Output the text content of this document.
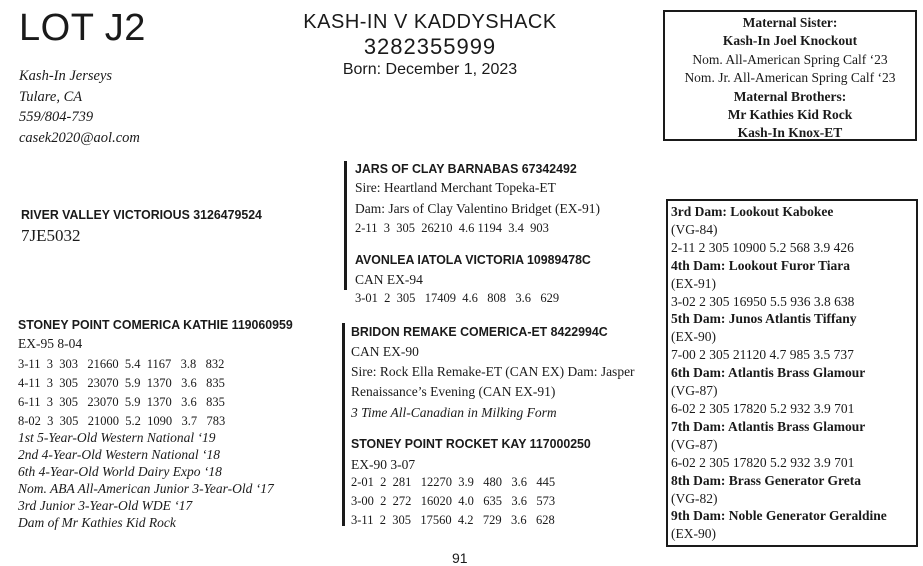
LOT J2
Kash-In Jerseys
Tulare, CA
559/804-739
casek2020@aol.com
KASH-IN V KADDYSHACK
3282355999
Born: December 1, 2023
Maternal Sister:
Kash-In Joel Knockout
Nom. All-American Spring Calf ‘23
Nom. Jr. All-American Spring Calf ‘23
Maternal Brothers:
Mr Kathies Kid Rock
Kash-In Knox-ET
RIVER VALLEY VICTORIOUS 3126479524
7JE5032
JARS OF CLAY BARNABAS 67342492
Sire: Heartland Merchant Topeka-ET
Dam: Jars of Clay Valentino Bridget (EX-91)
2-11  3  305  26210  4.6 1194  3.4  903
AVONLEA IATOLA VICTORIA 10989478C
CAN EX-94
3-01  2  305   17409  4.6   808   3.6   629
STONEY POINT COMERICA KATHIE 119060959
EX-95 8-04
3-11  3  303   21660  5.4  1167   3.8   832
4-11  3  305   23070  5.9  1370   3.6   835
6-11  3  305   23070  5.9  1370   3.6   835
8-02  3  305   21000  5.2  1090   3.7   783
1st 5-Year-Old Western National ‘19
2nd 4-Year-Old Western National ‘18
6th 4-Year-Old World Dairy Expo ‘18
Nom. ABA All-American Junior 3-Year-Old ‘17
3rd Junior 3-Year-Old WDE ‘17
Dam of Mr Kathies Kid Rock
BRIDON REMAKE COMERICA-ET 8422994C
CAN EX-90
Sire: Rock Ella Remake-ET (CAN EX) Dam: Jasper
Renaissance’s Evening (CAN EX-91)
3 Time All-Canadian in Milking Form
STONEY POINT ROCKET KAY 117000250
EX-90 3-07
2-01  2  281   12270  3.9   480   3.6   445
3-00  2  272   16020  4.0   635   3.6   573
3-11  2  305   17560  4.2   729   3.6   628
3rd Dam: Lookout Kabokee
(VG-84)
2-11 2 305 10900 5.2 568 3.9 426
4th Dam: Lookout Furor Tiara
(EX-91)
3-02 2 305 16950 5.5 936 3.8 638
5th Dam: Junos Atlantis Tiffany
(EX-90)
7-00 2 305 21120 4.7 985 3.5 737
6th Dam: Atlantis Brass Glamour
(VG-87)
6-02 2 305 17820 5.2 932 3.9 701
7th Dam: Atlantis Brass Glamour
(VG-87)
6-02 2 305 17820 5.2 932 3.9 701
8th Dam: Brass Generator Greta
(VG-82)
9th Dam: Noble Generator Geraldine
(EX-90)
91
